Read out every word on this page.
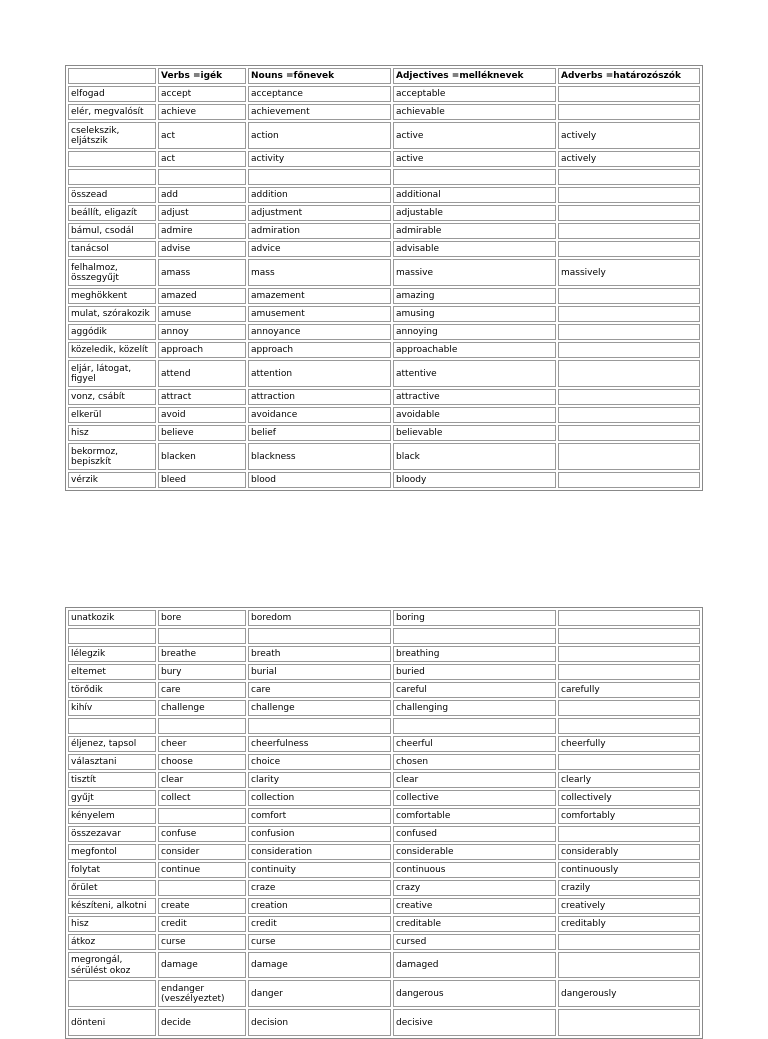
	Verbs =igék	Nouns =főnevek	Adjectives =melléknevek	Adverbs =határozószók
elfogad	accept	acceptance	acceptable	
elér, megvalósít	achieve	achievement	achievable	
cselekszik, eljátszik	act	action	active	actively
	act	activity	active	actively

összead	add	addition	additional	
beállít, eligazít	adjust	adjustment	adjustable	
bámul, csodál	admire	admiration	admirable	
tanácsol	advise	advice	advisable	
felhalmoz, összegyűjt	amass	mass	massive	massively
meghökkent	amazed	amazement	amazing	
mulat, szórakozik	amuse	amusement	amusing	
aggódik	annoy	annoyance	annoying	
közeledik, közelít	approach	approach	approachable	
eljár, látogat, figyel	attend	attention	attentive	
vonz, csábít	attract	attraction	attractive	
elkerül	avoid	avoidance	avoidable	
hisz	believe	belief	believable	
bekormoz, bepiszkít	blacken	blackness	black	
vérzik	bleed	blood	bloody	
unatkozik	bore	boredom	boring	

lélegzik	breathe	breath	breathing	
eltemet	bury	burial	buried	
törődik	care	care	careful	carefully
kihív	challenge	challenge	challenging	

éljenez, tapsol	cheer	cheerfulness	cheerful	cheerfully
választani	choose	choice	chosen	
tisztít	clear	clarity	clear	clearly
gyűjt	collect	collection	collective	collectively
kényelem		comfort	comfortable	comfortably
összezavar	confuse	confusion	confused	
megfontol	consider	consideration	considerable	considerably
folytat	continue	continuity	continuous	continuously
őrület		craze	crazy	crazily
készíteni, alkotni	create	creation	creative	creatively
hisz	credit	credit	creditable	creditably
átkoz	curse	curse	cursed	
megrongál, sérülést okoz	damage	damage	damaged	
	endanger (veszélyeztet)	danger	dangerous	dangerously
dönteni	decide	decision	decisive	
